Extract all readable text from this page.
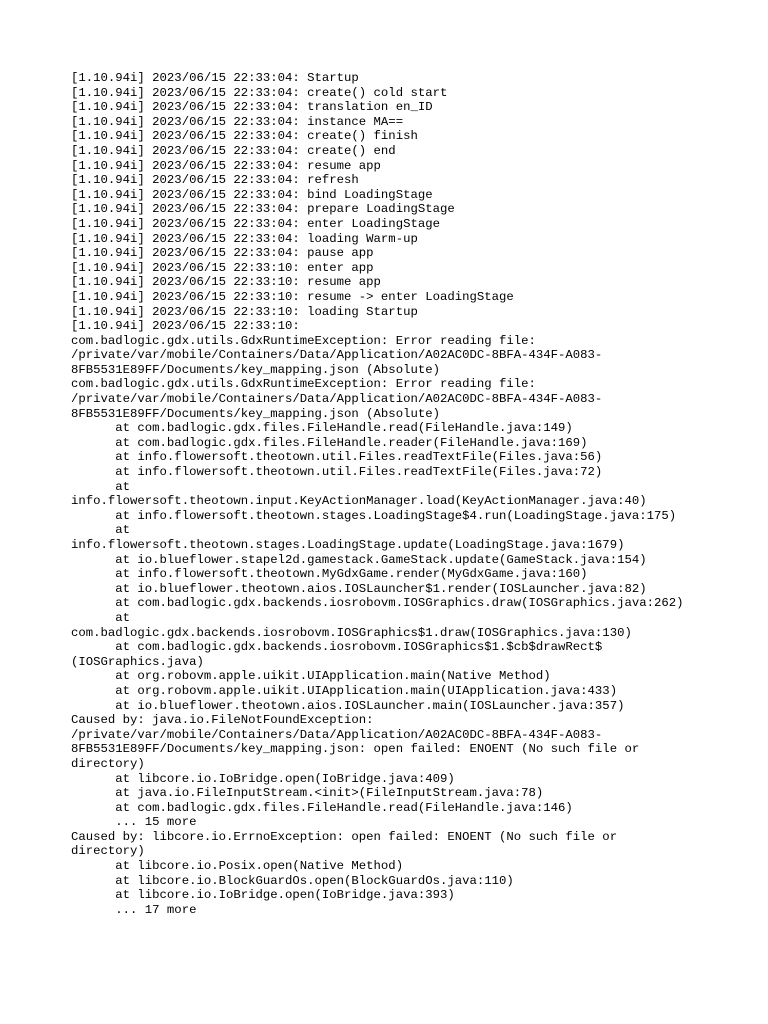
[1.10.94i] 2023/06/15 22:33:04: Startup
[1.10.94i] 2023/06/15 22:33:04: create() cold start
[1.10.94i] 2023/06/15 22:33:04: translation en_ID
[1.10.94i] 2023/06/15 22:33:04: instance MA==
[1.10.94i] 2023/06/15 22:33:04: create() finish
[1.10.94i] 2023/06/15 22:33:04: create() end
[1.10.94i] 2023/06/15 22:33:04: resume app
[1.10.94i] 2023/06/15 22:33:04: refresh
[1.10.94i] 2023/06/15 22:33:04: bind LoadingStage
[1.10.94i] 2023/06/15 22:33:04: prepare LoadingStage
[1.10.94i] 2023/06/15 22:33:04: enter LoadingStage
[1.10.94i] 2023/06/15 22:33:04: loading Warm-up
[1.10.94i] 2023/06/15 22:33:04: pause app
[1.10.94i] 2023/06/15 22:33:10: enter app
[1.10.94i] 2023/06/15 22:33:10: resume app
[1.10.94i] 2023/06/15 22:33:10: resume -> enter LoadingStage
[1.10.94i] 2023/06/15 22:33:10: loading Startup
[1.10.94i] 2023/06/15 22:33:10:
com.badlogic.gdx.utils.GdxRuntimeException: Error reading file:
/private/var/mobile/Containers/Data/Application/A02AC0DC-8BFA-434F-A083-
8FB5531E89FF/Documents/key_mapping.json (Absolute)
com.badlogic.gdx.utils.GdxRuntimeException: Error reading file:
/private/var/mobile/Containers/Data/Application/A02AC0DC-8BFA-434F-A083-
8FB5531E89FF/Documents/key_mapping.json (Absolute)
at com.badlogic.gdx.files.FileHandle.read(FileHandle.java:149)
at com.badlogic.gdx.files.FileHandle.reader(FileHandle.java:169)
at info.flowersoft.theotown.util.Files.readTextFile(Files.java:56)
at info.flowersoft.theotown.util.Files.readTextFile(Files.java:72)
at
info.flowersoft.theotown.input.KeyActionManager.load(KeyActionManager.java:40)
at info.flowersoft.theotown.stages.LoadingStage$4.run(LoadingStage.java:175)
at
info.flowersoft.theotown.stages.LoadingStage.update(LoadingStage.java:1679)
at io.blueflower.stapel2d.gamestack.GameStack.update(GameStack.java:154)
at info.flowersoft.theotown.MyGdxGame.render(MyGdxGame.java:160)
at io.blueflower.theotown.aios.IOSLauncher$1.render(IOSLauncher.java:82)
at com.badlogic.gdx.backends.iosrobovm.IOSGraphics.draw(IOSGraphics.java:262)
at
com.badlogic.gdx.backends.iosrobovm.IOSGraphics$1.draw(IOSGraphics.java:130)
at com.badlogic.gdx.backends.iosrobovm.IOSGraphics$1.$cb$drawRect$
(IOSGraphics.java)
at org.robovm.apple.uikit.UIApplication.main(Native Method)
at org.robovm.apple.uikit.UIApplication.main(UIApplication.java:433)
at io.blueflower.theotown.aios.IOSLauncher.main(IOSLauncher.java:357)
Caused by: java.io.FileNotFoundException:
/private/var/mobile/Containers/Data/Application/A02AC0DC-8BFA-434F-A083-
8FB5531E89FF/Documents/key_mapping.json: open failed: ENOENT (No such file or
directory)
at libcore.io.IoBridge.open(IoBridge.java:409)
at java.io.FileInputStream.<init>(FileInputStream.java:78)
at com.badlogic.gdx.files.FileHandle.read(FileHandle.java:146)
... 15 more
Caused by: libcore.io.ErrnoException: open failed: ENOENT (No such file or
directory)
at libcore.io.Posix.open(Native Method)
at libcore.io.BlockGuardOs.open(BlockGuardOs.java:110)
at libcore.io.IoBridge.open(IoBridge.java:393)
... 17 more
